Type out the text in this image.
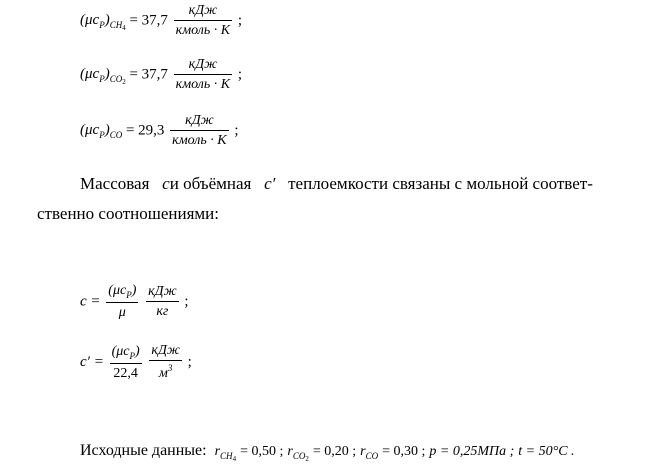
$(\mu c_P)_{CH_4} = 37,7 \frac{\text{кДж}}{\text{кмоль · К}}$ ;
$(\mu c_P)_{CO_2} = 37,7 \frac{\text{кДж}}{\text{кмоль · К}}$ ;
$(\mu c_P)_{CO} = 29,3 \frac{\text{кДж}}{\text{кмоль · К}}$ ;
Массовая cи объёмная c′ теплоемкости связаны с мольной соответ-
ственно соотношениями:
$c = \frac{(\mu c_P)}{\mu}$
$\frac{\text{кДж}}{кг}$ ;
$c' = \frac{(\mu c_P)}{22,4}$
$\frac{\text{кДж}}{м^3}$ ;
Исходные данные: $r_{CH_4} = 0,50$ ; $r_{CO_2} = 0,20$ ; $r_{CO} = 0,30$ ; p = 0,25МПа ; t = 50°C .
